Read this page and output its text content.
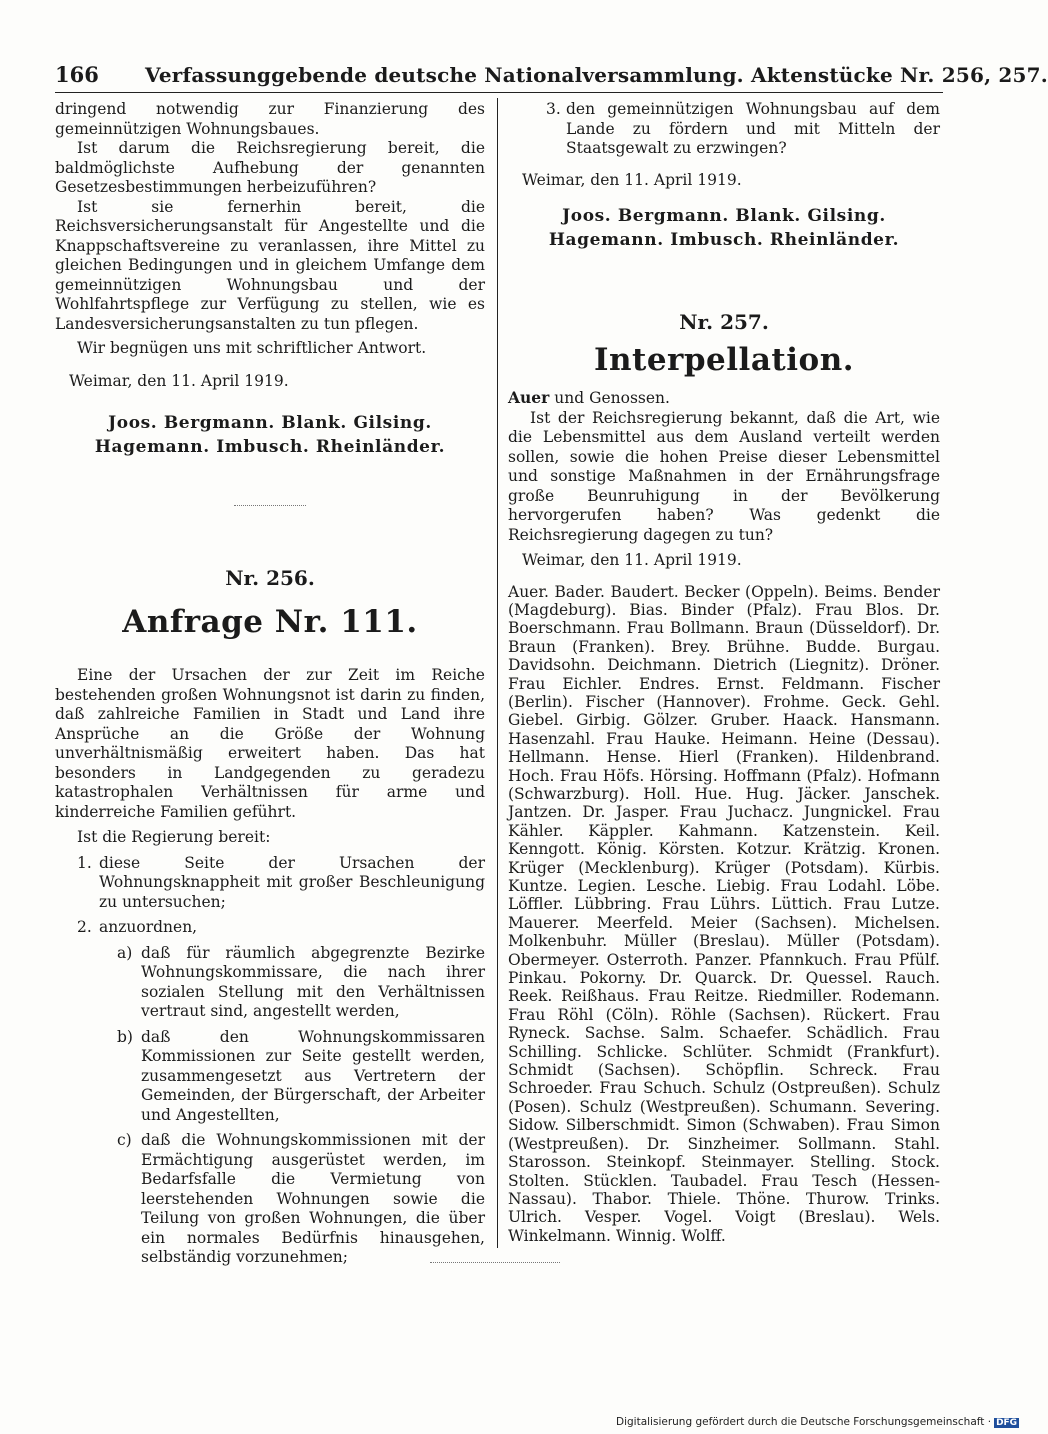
166 Verfassunggebende deutsche Nationalversammlung. Aktenstücke Nr. 256, 257.

dringend notwendig zur Finanzierung des gemeinnützigen Wohnungsbaues.

Ist darum die Reichsregierung bereit, die baldmöglichste Aufhebung der genannten Gesetzesbestimmungen herbeizuführen?

Ist sie fernerhin bereit, die Reichsversicherungsanstalt für Angestellte und die Knappschaftsvereine zu veranlassen, ihre Mittel zu gleichen Bedingungen und in gleichem Umfange dem gemeinnützigen Wohnungsbau und der Wohlfahrtspflege zur Verfügung zu stellen, wie es Landesversicherungsanstalten zu tun pflegen.

Wir begnügen uns mit schriftlicher Antwort.

Weimar, den 11. April 1919.

Joos. Bergmann. Blank. Gilsing.

Hagemann. Imbusch. Rheinländer.

Nr. 256.

Anfrage Nr. 111.

Eine der Ursachen der zur Zeit im Reiche bestehenden großen Wohnungsnot ist darin zu finden, daß zahlreiche Familien in Stadt und Land ihre Ansprüche an die Größe der Wohnung unverhältnismäßig erweitert haben. Das hat besonders in Landgegenden zu geradezu katastrophalen Verhältnissen für arme und kinderreiche Familien geführt.

Ist die Regierung bereit:

1. diese Seite der Ursachen der Wohnungsknappheit mit großer Beschleunigung zu untersuchen;
2. anzuordnen,
a) daß für räumlich abgegrenzte Bezirke Wohnungskommissare, die nach ihrer sozialen Stellung mit den Verhältnissen vertraut sind, angestellt werden,
b) daß den Wohnungskommissaren Kommissionen zur Seite gestellt werden, zusammengesetzt aus Vertretern der Gemeinden, der Bürgerschaft, der Arbeiter und Angestellten,
c) daß die Wohnungskommissionen mit der Ermächtigung ausgerüstet werden, im Bedarfsfalle die Vermietung von leerstehenden Wohnungen sowie die Teilung von großen Wohnungen, die über ein normales Bedürfnis hinausgehen, selbständig vorzunehmen;
3. den gemeinnützigen Wohnungsbau auf dem Lande zu fördern und mit Mitteln der Staatsgewalt zu erzwingen?

Weimar, den 11. April 1919.

Joos. Bergmann. Blank. Gilsing.

Hagemann. Imbusch. Rheinländer.

Nr. 257.

Interpellation.

Auer und Genossen.

Ist der Reichsregierung bekannt, daß die Art, wie die Lebensmittel aus dem Ausland verteilt werden sollen, sowie die hohen Preise dieser Lebensmittel und sonstige Maßnahmen in der Ernährungsfrage große Beunruhigung in der Bevölkerung hervorgerufen haben? Was gedenkt die Reichsregierung dagegen zu tun?

Weimar, den 11. April 1919.

Auer. Bader. Baudert. Becker (Oppeln). Beims. Bender (Magdeburg). Bias. Binder (Pfalz). Frau Blos. Dr. Boerschmann. Frau Bollmann. Braun (Düsseldorf). Dr. Braun (Franken). Brey. Brühne. Budde. Burgau. Davidsohn. Deichmann. Dietrich (Liegnitz). Dröner. Frau Eichler. Endres. Ernst. Feldmann. Fischer (Berlin). Fischer (Hannover). Frohme. Geck. Gehl. Giebel. Girbig. Gölzer. Gruber. Haack. Hansmann. Hasenzahl. Frau Hauke. Heimann. Heine (Dessau). Hellmann. Hense. Hierl (Franken). Hildenbrand. Hoch. Frau Höfs. Hörsing. Hoffmann (Pfalz). Hofmann (Schwarzburg). Holl. Hue. Hug. Jäcker. Janschek. Jantzen. Dr. Jasper. Frau Juchacz. Jungnickel. Frau Kähler. Käppler. Kahmann. Katzenstein. Keil. Kenngott. König. Körsten. Kotzur. Krätzig. Kronen. Krüger (Mecklenburg). Krüger (Potsdam). Kürbis. Kuntze. Legien. Lesche. Liebig. Frau Lodahl. Löbe. Löffler. Lübbring. Frau Lührs. Lüttich. Frau Lutze. Mauerer. Meerfeld. Meier (Sachsen). Michelsen. Molkenbuhr. Müller (Breslau). Müller (Potsdam). Obermeyer. Osterroth. Panzer. Pfannkuch. Frau Pfülf. Pinkau. Pokorny. Dr. Quarck. Dr. Quessel. Rauch. Reek. Reißhaus. Frau Reitze. Riedmiller. Rodemann. Frau Röhl (Cöln). Röhle (Sachsen). Rückert. Frau Ryneck. Sachse. Salm. Schaefer. Schädlich. Frau Schilling. Schlicke. Schlüter. Schmidt (Frankfurt). Schmidt (Sachsen). Schöpflin. Schreck. Frau Schroeder. Frau Schuch. Schulz (Ostpreußen). Schulz (Posen). Schulz (Westpreußen). Schumann. Severing. Sidow. Silberschmidt. Simon (Schwaben). Frau Simon (Westpreußen). Dr. Sinzheimer. Sollmann. Stahl. Starosson. Steinkopf. Steinmayer. Stelling. Stock. Stolten. Stücklen. Taubadel. Frau Tesch (Hessen-Nassau). Thabor. Thiele. Thöne. Thurow. Trinks. Ulrich. Vesper. Vogel. Voigt (Breslau). Wels. Winkelmann. Winnig. Wolff.

Digitalisierung gefördert durch die Deutsche Forschungsgemeinschaft · DFG
